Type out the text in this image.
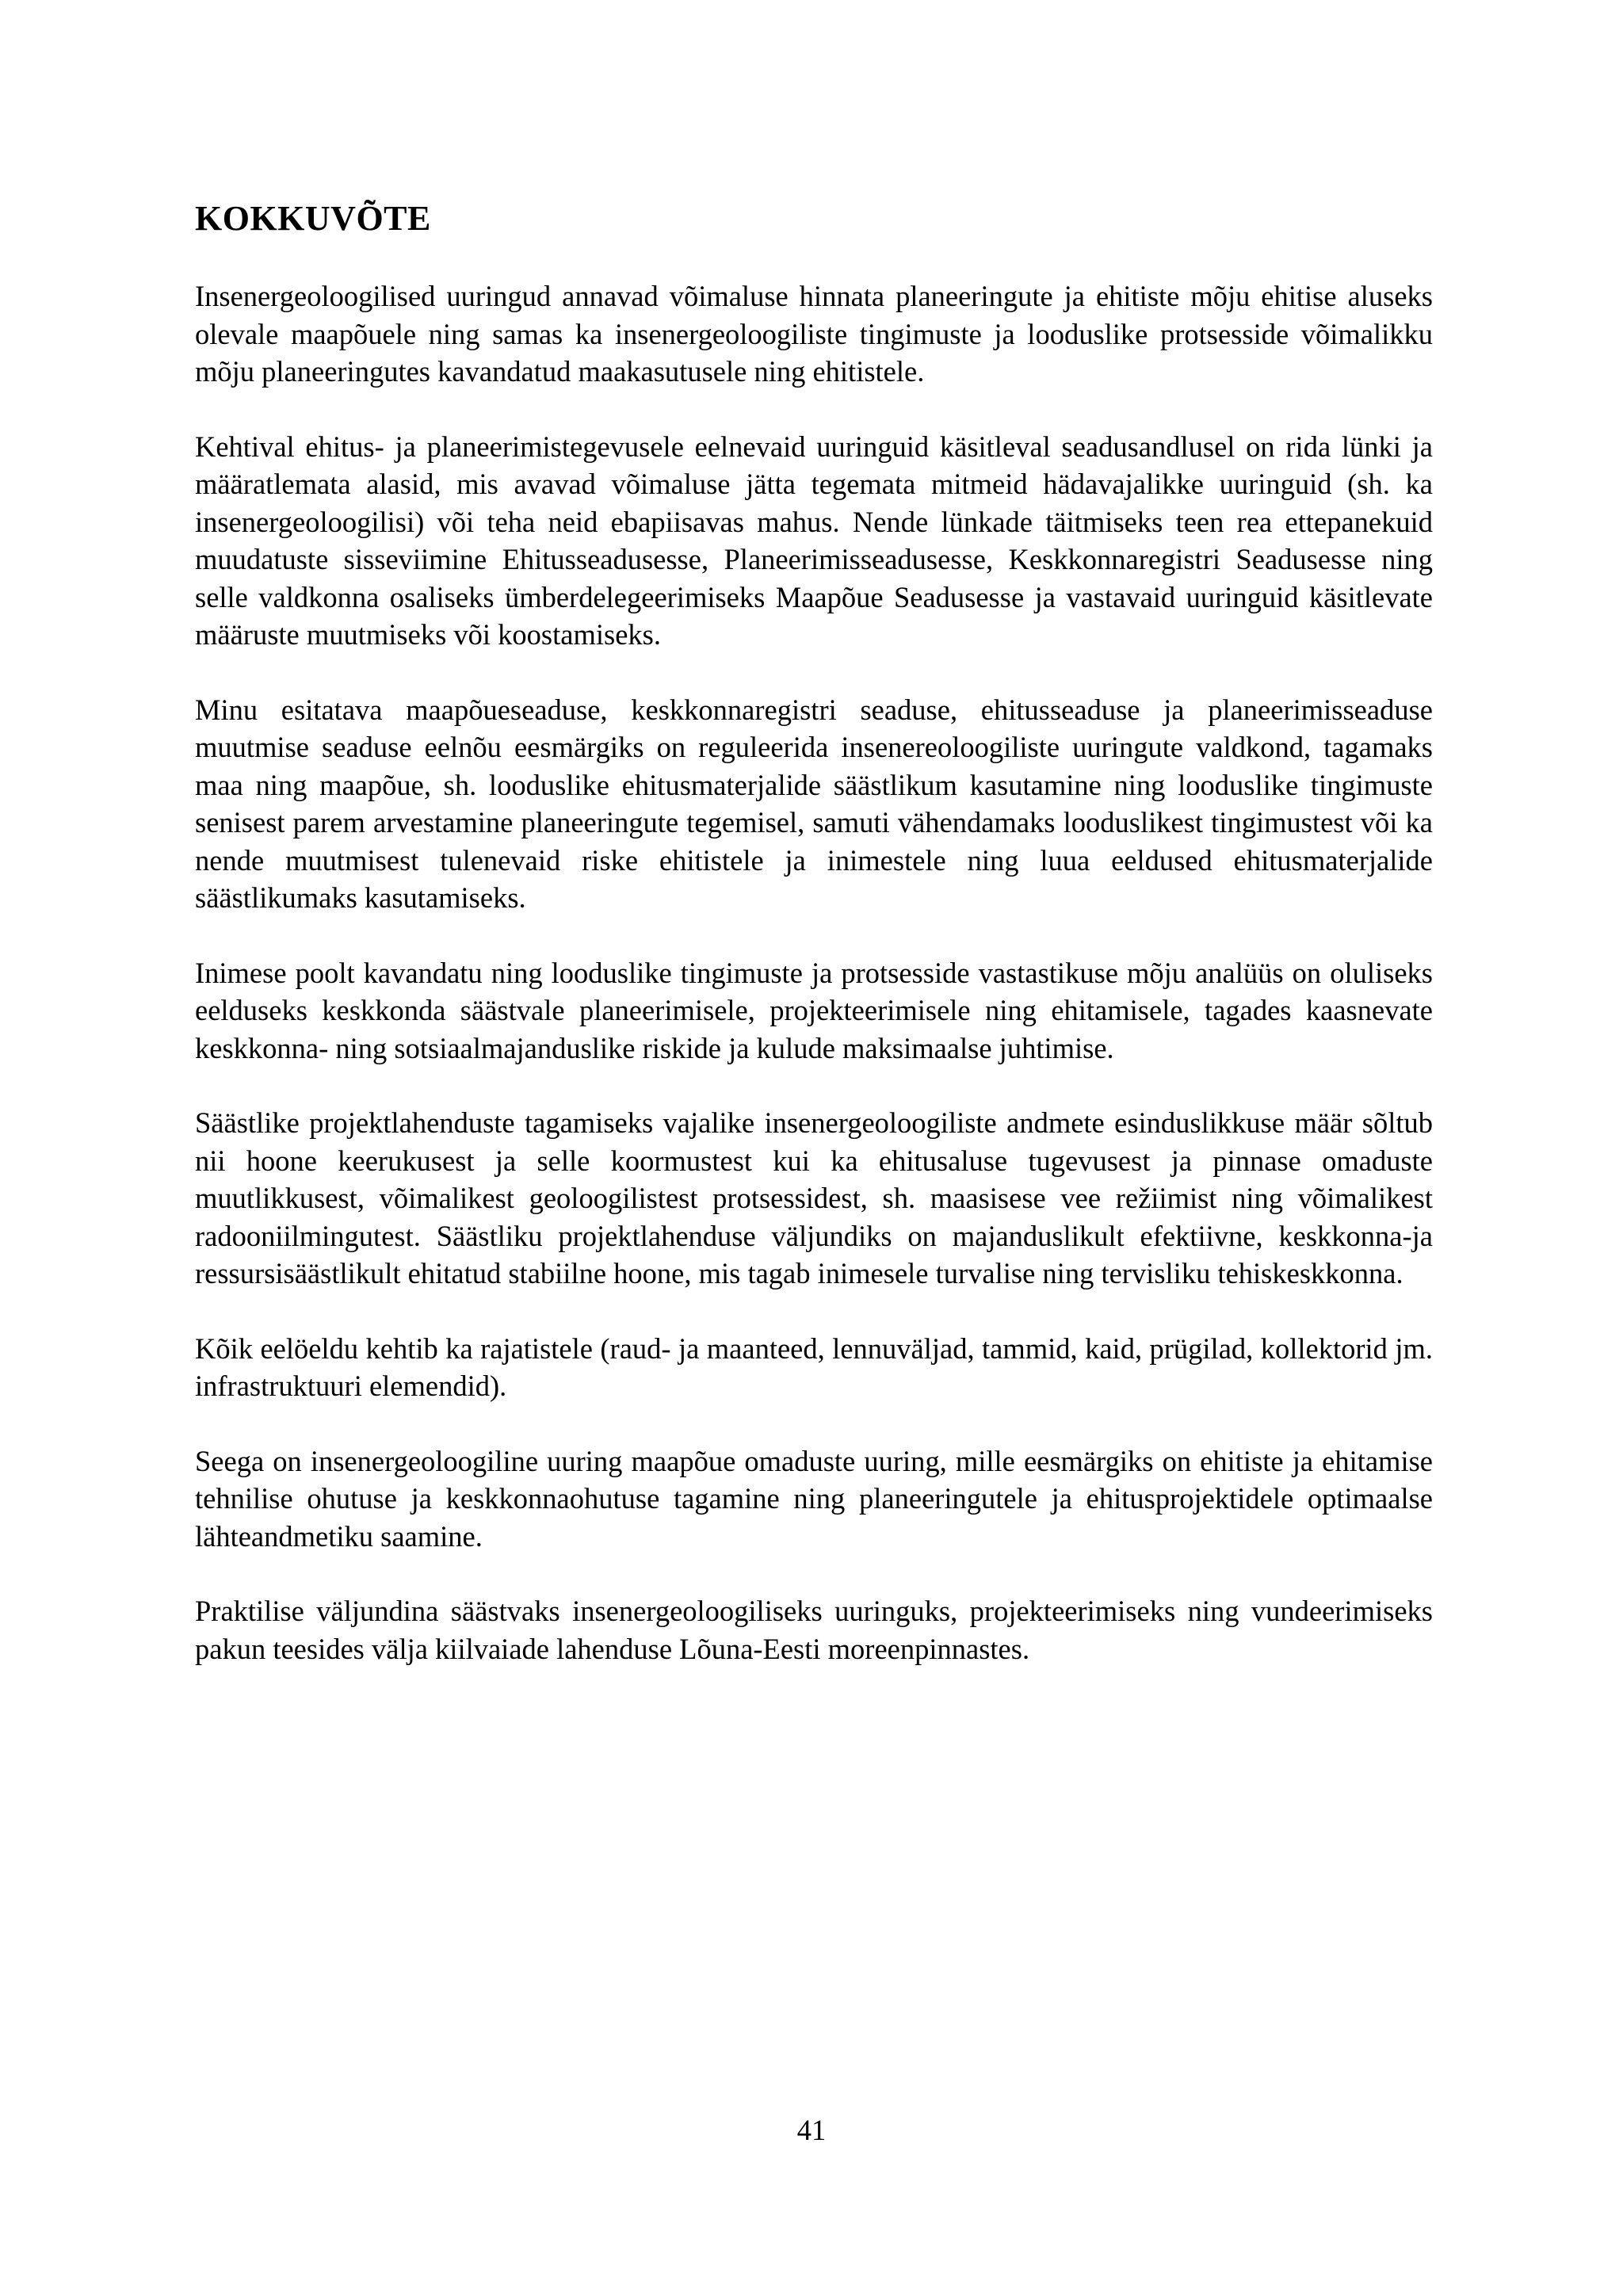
KOKKUVÕTE

Insenergeoloogilised uuringud annavad võimaluse hinnata planeeringute ja ehitiste mõju ehitise aluseks olevale maapõuele ning samas ka insenergeoloogiliste tingimuste ja looduslike protsesside võimalikku mõju planeeringutes kavandatud maakasutusele ning ehitistele.

Kehtival ehitus- ja planeerimistegevusele eelnevaid uuringuid käsitleval seadusandlusel on rida lünki ja määratlemata alasid, mis avavad võimaluse jätta tegemata mitmeid hädavajalikke uuringuid (sh. ka insenergeoloogilisi) või teha neid ebapiisavas mahus. Nende lünkade täitmiseks teen rea ettepanekuid muudatuste sisseviimine Ehitusseadusesse, Planeerimisseadusesse, Keskkonnaregistri Seadusesse ning selle valdkonna osaliseks ümberdelegeerimiseks Maapõue Seadusesse ja vastavaid uuringuid käsitlevate määruste muutmiseks või koostamiseks.

Minu esitatava maapõueseaduse, keskkonnaregistri seaduse, ehitusseaduse ja planeerimisseaduse muutmise seaduse eelnõu eesmärgiks on reguleerida insenereoloogiliste uuringute valdkond, tagamaks maa ning maapõue, sh. looduslike ehitusmaterjalide säästlikum kasutamine ning looduslike tingimuste senisest parem arvestamine planeeringute tegemisel, samuti vähendamaks looduslikest tingimustest või ka nende muutmisest tulenevaid riske ehitistele ja inimestele ning luua eeldused ehitusmaterjalide säästlikumaks kasutamiseks.

Inimese poolt kavandatu ning looduslike tingimuste ja protsesside vastastikuse mõju analüüs on oluliseks eelduseks keskkonda säästvale planeerimisele, projekteerimisele ning ehitamisele, tagades kaasnevate keskkonna- ning sotsiaalmajanduslike riskide ja kulude maksimaalse juhtimise.

Säästlike projektlahenduste tagamiseks vajalike insenergeoloogiliste andmete esinduslikkuse määr sõltub nii hoone keerukusest ja selle koormustest kui ka ehitusaluse tugevusest ja pinnase omaduste muutlikkusest, võimalikest geoloogilistest protsessidest, sh. maasisese vee režiimist ning võimalikest radooniilmingutest. Säästliku projektlahenduse väljundiks on majanduslikult efektiivne, keskkonna-ja ressursisäästlikult ehitatud stabiilne hoone, mis tagab inimesele turvalise ning tervisliku tehiskeskkonna.

Kõik eelöeldu kehtib ka rajatistele (raud- ja maanteed, lennuväljad, tammid, kaid, prügilad, kollektorid jm. infrastruktuuri elemendid).

Seega on insenergeoloogiline uuring maapõue omaduste uuring, mille eesmärgiks on ehitiste ja ehitamise tehnilise ohutuse ja keskkonnaohutuse tagamine ning planeeringutele ja ehitusprojektidele optimaalse lähteandmetiku saamine.

Praktilise väljundina säästvaks insenergeoloogiliseks uuringuks, projekteerimiseks ning vundeerimiseks pakun teesides välja kiilvaiade lahenduse Lõuna-Eesti moreenpinnastes.

41
